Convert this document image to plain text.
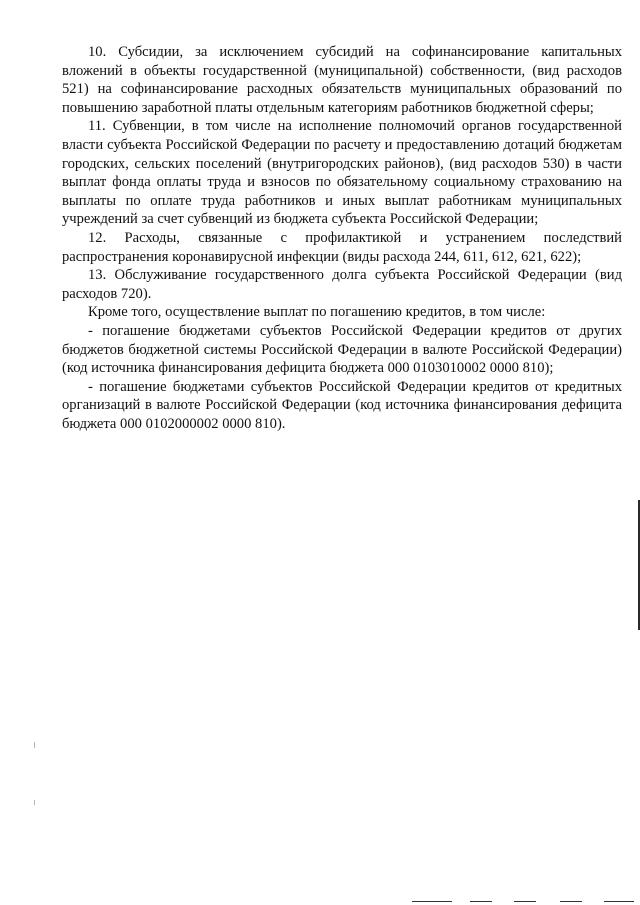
10. Субсидии, за исключением субсидий на софинансирование капитальных вложений в объекты государственной (муниципальной) собственности, (вид расходов 521) на софинансирование расходных обязательств муниципальных образований по повышению заработной платы отдельным категориям работников бюджетной сферы;

11. Субвенции, в том числе на исполнение полномочий органов государственной власти субъекта Российской Федерации по расчету и предоставлению дотаций бюджетам городских, сельских поселений (внутригородских районов), (вид расходов 530) в части выплат фонда оплаты труда и взносов по обязательному социальному страхованию на выплаты по оплате труда работников и иных выплат работникам муниципальных учреждений за счет субвенций из бюджета субъекта Российской Федерации;

12. Расходы, связанные с профилактикой и устранением последствий распространения коронавирусной инфекции (виды расхода 244, 611, 612, 621, 622);

13. Обслуживание государственного долга субъекта Российской Федерации (вид расходов 720).

Кроме того, осуществление выплат по погашению кредитов, в том числе:

- погашение бюджетами субъектов Российской Федерации кредитов от других бюджетов бюджетной системы Российской Федерации в валюте Российской Федерации) (код источника финансирования дефицита бюджета 000 0103010002 0000 810);

- погашение бюджетами субъектов Российской Федерации кредитов от кредитных организаций в валюте Российской Федерации (код источника финансирования дефицита бюджета 000 0102000002 0000 810).
